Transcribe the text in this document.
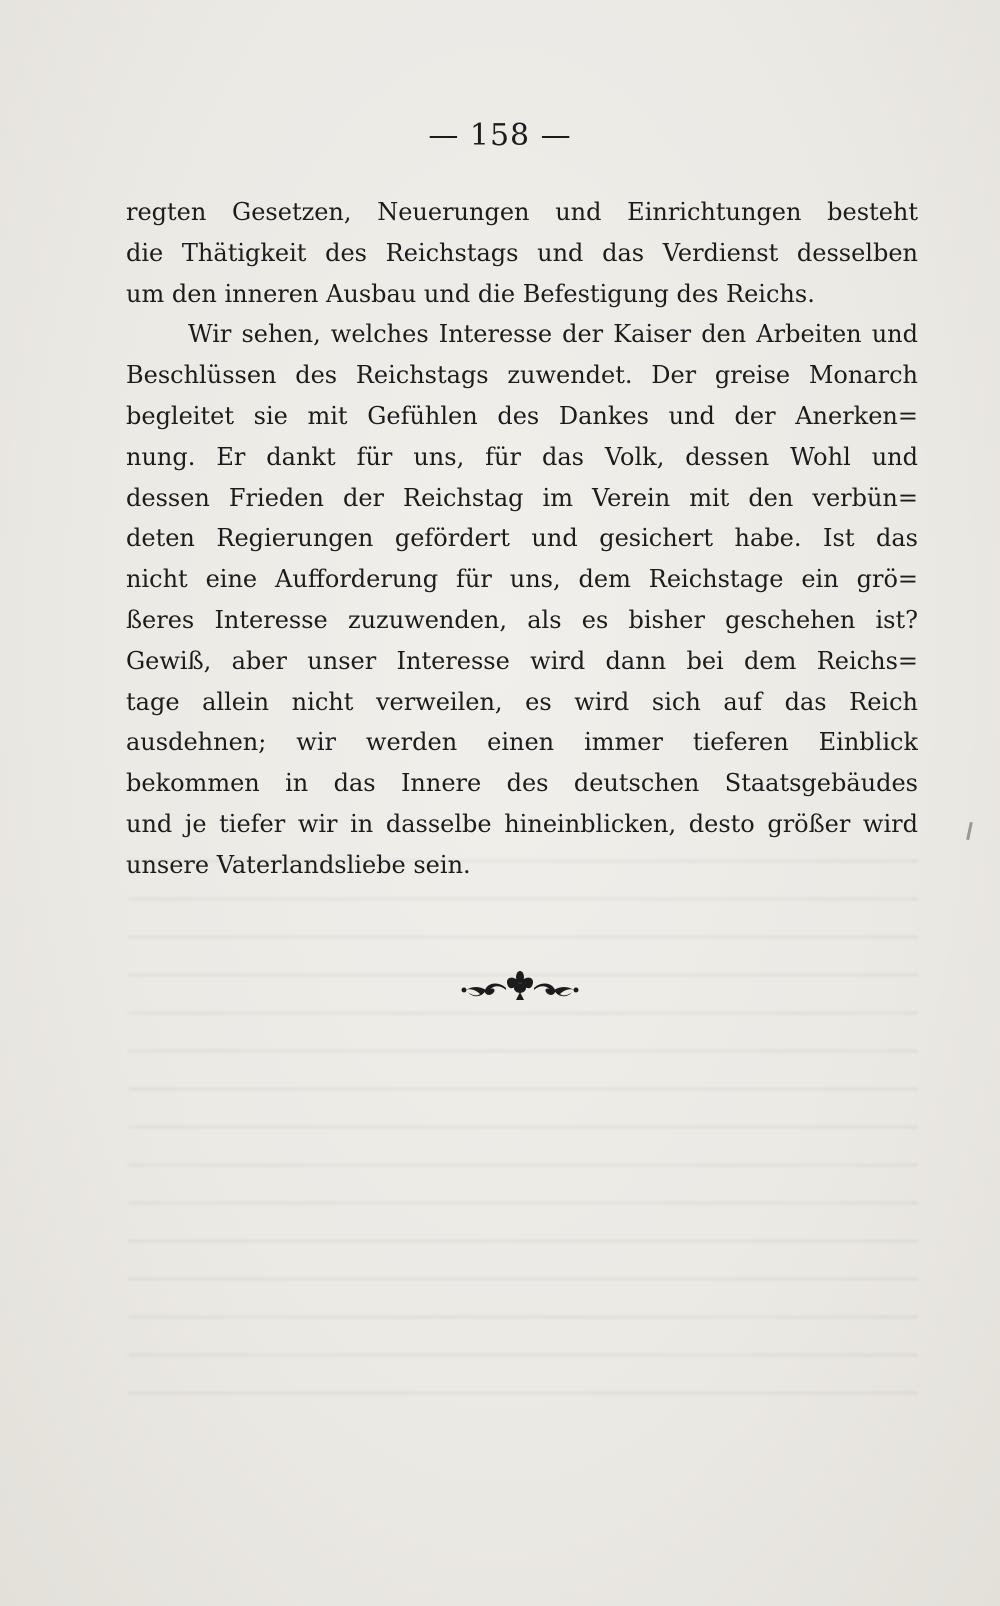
— 158 —
regten Gesetzen, Neuerungen und Einrichtungen besteht
die Thätigkeit des Reichstags und das Verdienst desselben
um den inneren Ausbau und die Befestigung des Reichs.
Wir sehen, welches Interesse der Kaiser den Arbeiten und
Beschlüssen des Reichstags zuwendet. Der greise Monarch
begleitet sie mit Gefühlen des Dankes und der Anerken=
nung. Er dankt für uns, für das Volk, dessen Wohl und
dessen Frieden der Reichstag im Verein mit den verbün=
deten Regierungen gefördert und gesichert habe. Ist das
nicht eine Aufforderung für uns, dem Reichstage ein grö=
ßeres Interesse zuzuwenden, als es bisher geschehen ist?
Gewiß, aber unser Interesse wird dann bei dem Reichs=
tage allein nicht verweilen, es wird sich auf das Reich
ausdehnen; wir werden einen immer tieferen Einblick
bekommen in das Innere des deutschen Staatsgebäudes
und je tiefer wir in dasselbe hineinblicken, desto größer wird
unsere Vaterlandsliebe sein.
